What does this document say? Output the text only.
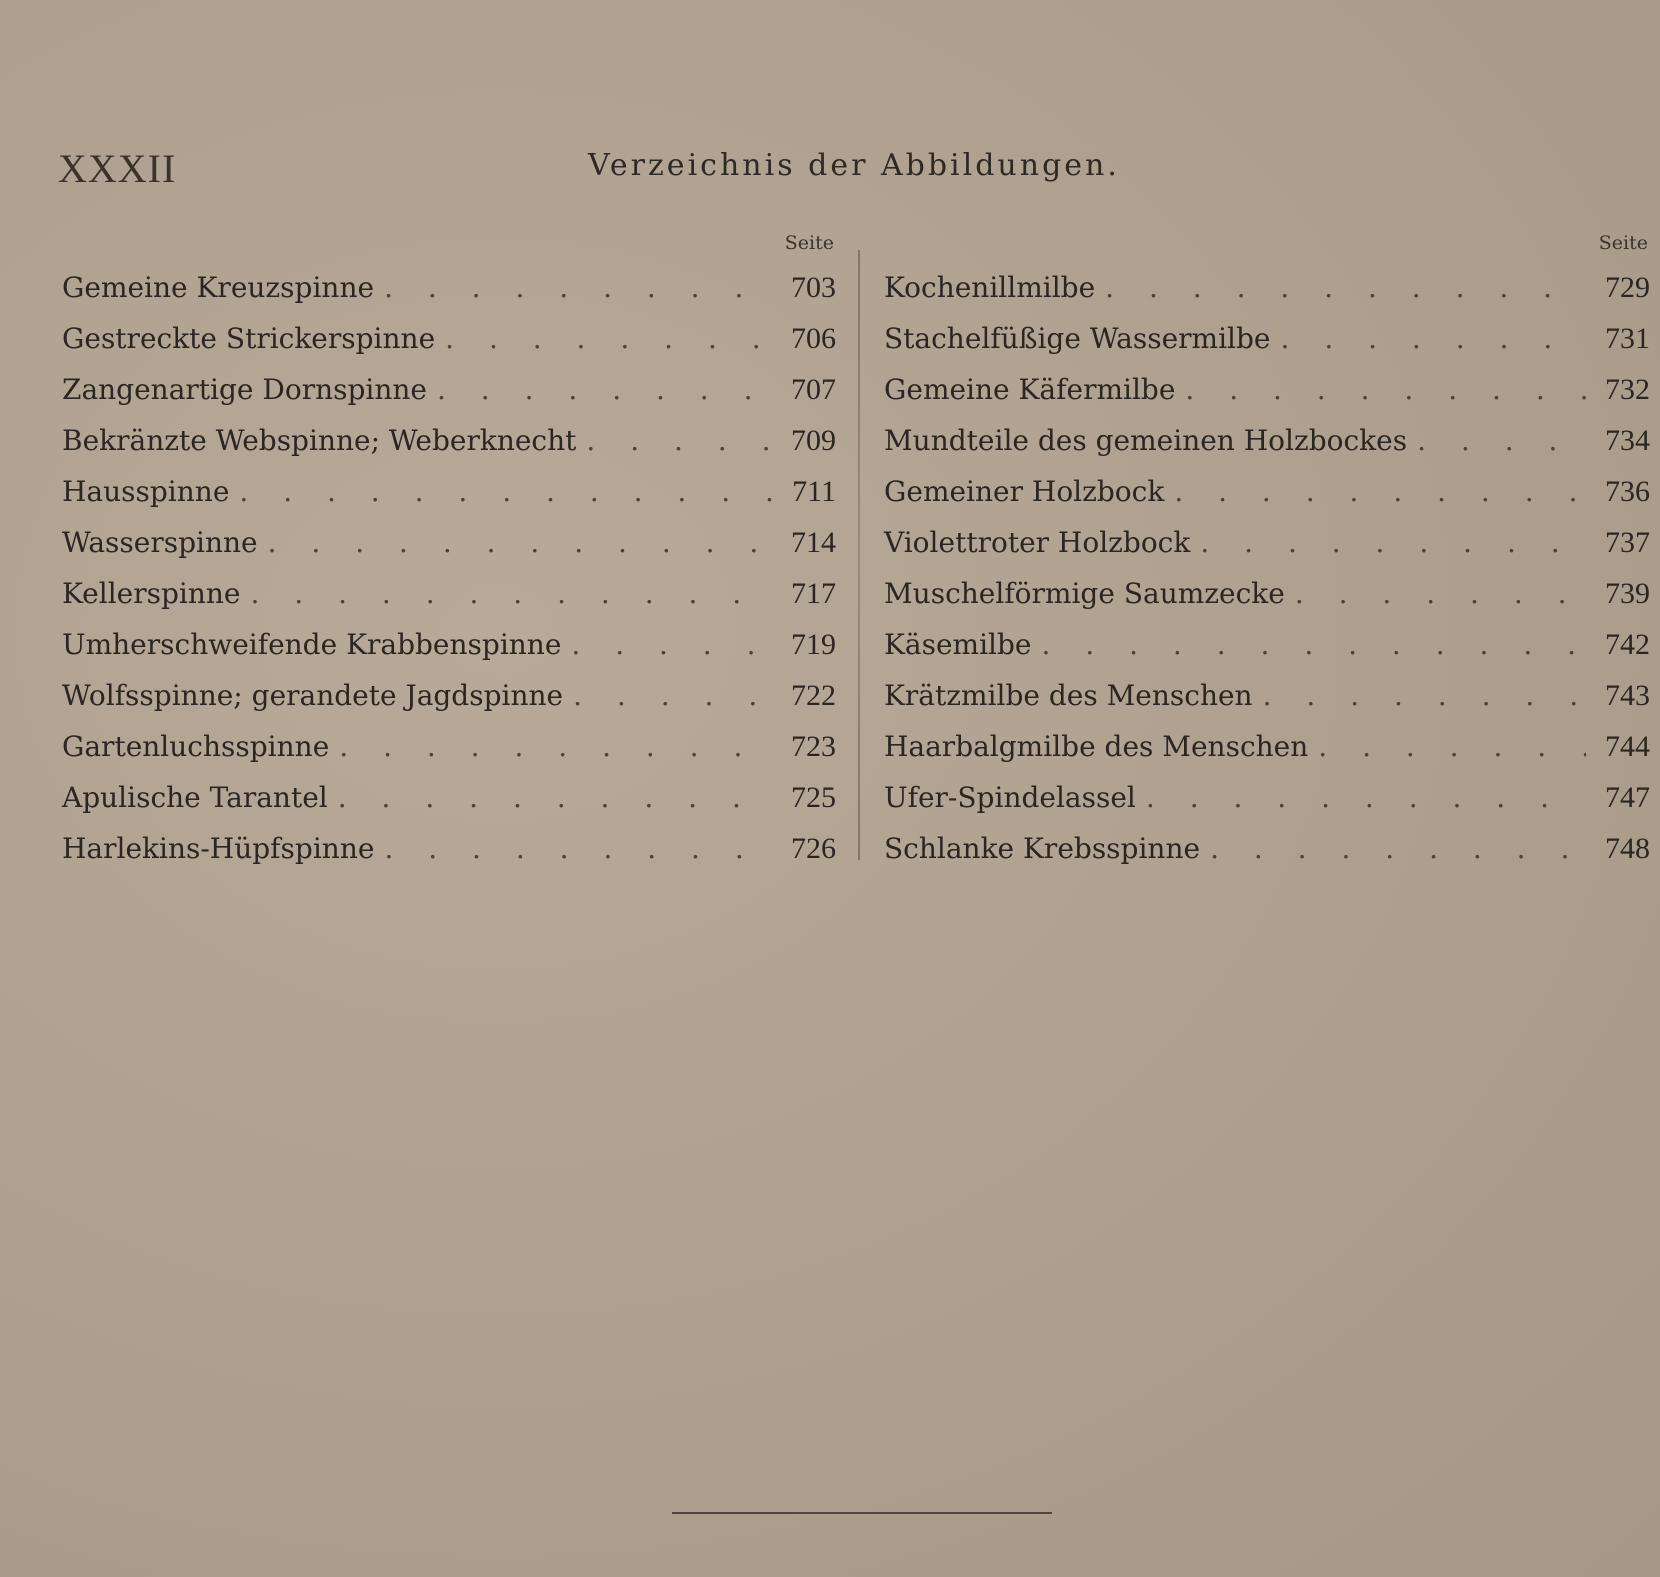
XXXII	Verzeichnis der Abbildungen.
Seite
Gemeine Kreuzspinne . . .	703
Gestreckte Strickerspinne . . .	706
Zangenartige Dornspinne . . .	707
Bekränzte Webspinne; Weberknecht . . .	709
Hausspinne . . .	711
Wasserspinne . . .	714
Kellerspinne . . .	717
Umherschweifende Krabbenspinne . . .	719
Wolfsspinne; gerandete Jagdspinne . . .	722
Gartenluchsspinne . . .	723
Apulische Tarantel . . .	725
Harlekins-Hüpfspinne . . .	726
Seite
Kochenillmilbe . . .	729
Stachelfüßige Wassermilbe . . .	731
Gemeine Käfermilbe . . .	732
Mundteile des gemeinen Holzbockes . . .	734
Gemeiner Holzbock . . .	736
Violettroter Holzbock . . .	737
Muschelförmige Saumzecke . . .	739
Käsemilbe . . .	742
Krätzmilbe des Menschen . . .	743
Haarbalgmilbe des Menschen . . .	744
Ufer-Spindelassel . . .	747
Schlanke Krebsspinne . . .	748
